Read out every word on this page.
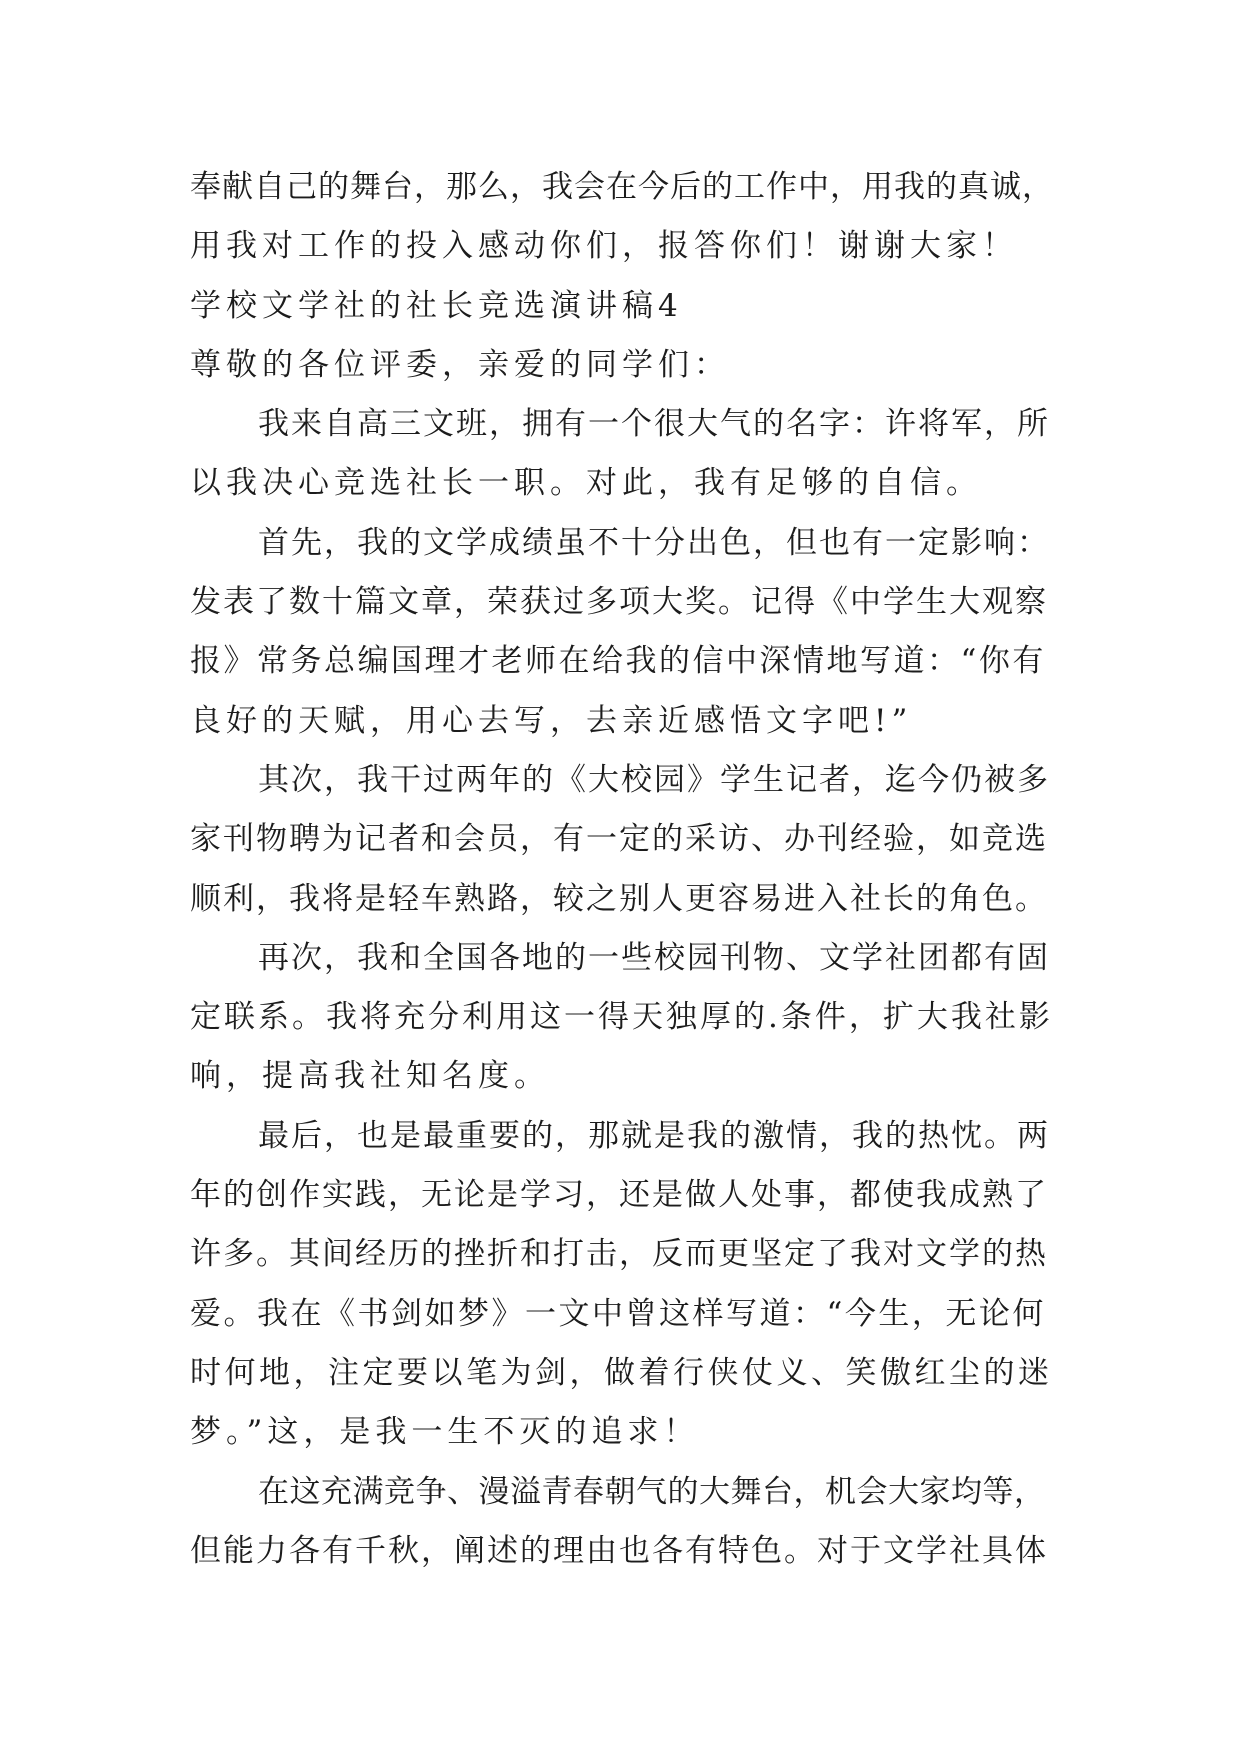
奉献自己的舞台，那么，我会在今后的工作中，用我的真诚，
用我对工作的投入感动你们，报答你们！谢谢大家！
学校文学社的社长竞选演讲稿4
尊敬的各位评委，亲爱的同学们：
我来自高三文班，拥有一个很大气的名字：许将军，所
以我决心竞选社长一职。对此，我有足够的自信。
首先，我的文学成绩虽不十分出色，但也有一定影响：
发表了数十篇文章，荣获过多项大奖。记得《中学生大观察
报》常务总编国理才老师在给我的信中深情地写道：“你有
良好的天赋，用心去写，去亲近感悟文字吧!”
其次，我干过两年的《大校园》学生记者，迄今仍被多
家刊物聘为记者和会员，有一定的采访、办刊经验，如竞选
顺利，我将是轻车熟路，较之别人更容易进入社长的角色。
再次，我和全国各地的一些校园刊物、文学社团都有固
定联系。我将充分利用这一得天独厚的.条件，扩大我社影
响，提高我社知名度。
最后，也是最重要的，那就是我的激情，我的热忱。两
年的创作实践，无论是学习，还是做人处事，都使我成熟了
许多。其间经历的挫折和打击，反而更坚定了我对文学的热
爱。我在《书剑如梦》一文中曾这样写道：“今生，无论何
时何地，注定要以笔为剑，做着行侠仗义、笑傲红尘的迷
梦。”这，是我一生不灭的追求！
在这充满竞争、漫溢青春朝气的大舞台，机会大家均等，
但能力各有千秋，阐述的理由也各有特色。对于文学社具体
